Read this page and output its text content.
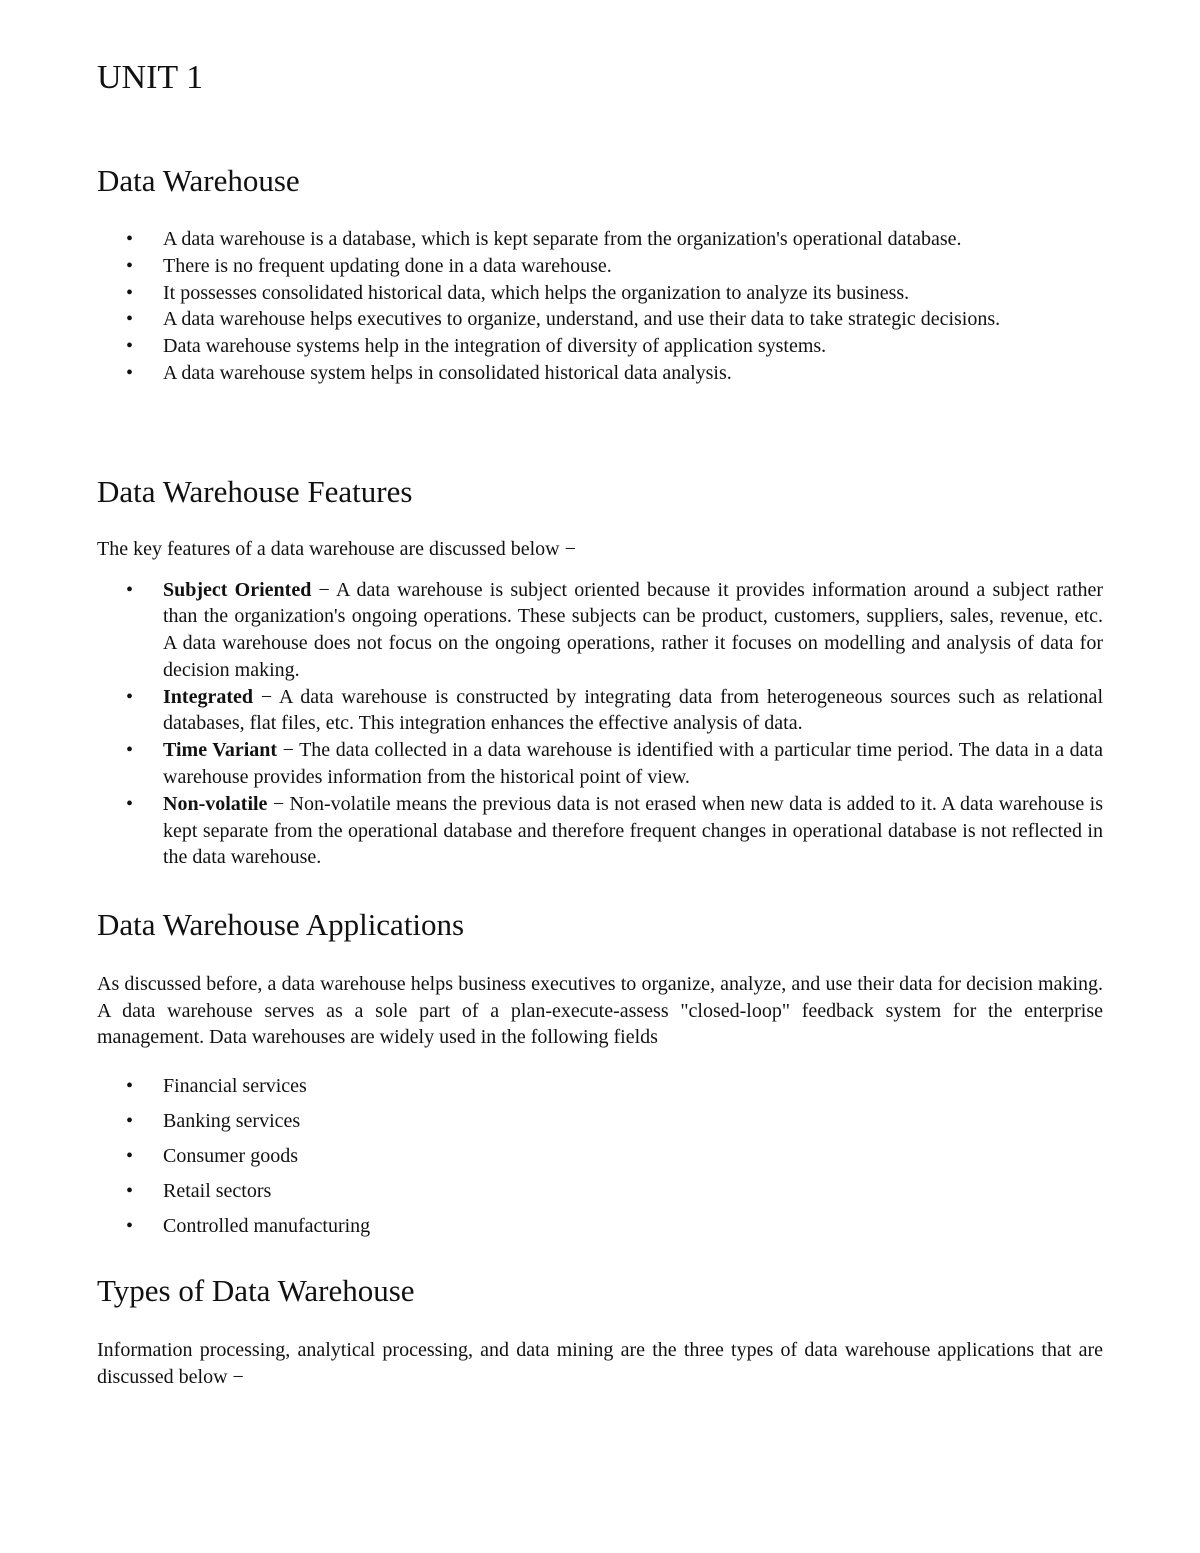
UNIT 1
Data Warehouse
• A data warehouse is a database, which is kept separate from the organization's operational database.
• There is no frequent updating done in a data warehouse.
• It possesses consolidated historical data, which helps the organization to analyze its business.
• A data warehouse helps executives to organize, understand, and use their data to take strategic decisions.
• Data warehouse systems help in the integration of diversity of application systems.
• A data warehouse system helps in consolidated historical data analysis.
Data Warehouse Features

The key features of a data warehouse are discussed below −

• Subject Oriented − A data warehouse is subject oriented because it provides information around a subject rather than the organization's ongoing operations. These subjects can be product, customers, suppliers, sales, revenue, etc. A data warehouse does not focus on the ongoing operations, rather it focuses on modelling and analysis of data for decision making.
• Integrated − A data warehouse is constructed by integrating data from heterogeneous sources such as relational databases, flat files, etc. This integration enhances the effective analysis of data.
• Time Variant − The data collected in a data warehouse is identified with a particular time period. The data in a data warehouse provides information from the historical point of view.
• Non-volatile − Non-volatile means the previous data is not erased when new data is added to it. A data warehouse is kept separate from the operational database and therefore frequent changes in operational database is not reflected in the data warehouse.
Data Warehouse Applications

As discussed before, a data warehouse helps business executives to organize, analyze, and use their data for decision making. A data warehouse serves as a sole part of a plan-execute-assess "closed-loop" feedback system for the enterprise management. Data warehouses are widely used in the following fields

• Financial services
• Banking services
• Consumer goods
• Retail sectors
• Controlled manufacturing
Types of Data Warehouse

Information processing, analytical processing, and data mining are the three types of data warehouse applications that are discussed below −
